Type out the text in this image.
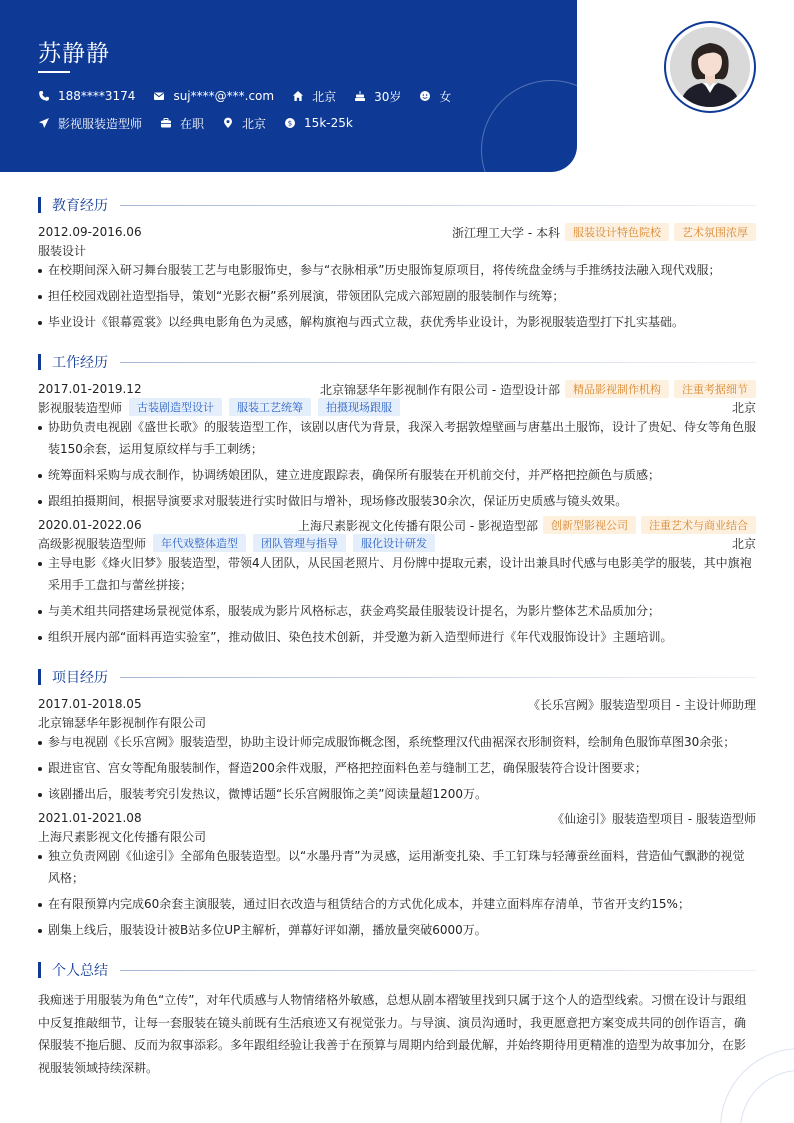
苏静静
188****3174	suj****@***.com	北京	30岁	女
影视服装造型师	在职	北京	$ 15k-25k
教育经历
2012.09-2016.06	浙江理工大学 - 本科	服装设计特色院校	艺术氛围浓厚
服装设计
在校期间深入研习舞台服装工艺与电影服饰史，参与“衣脉相承”历史服饰复原项目，将传统盘金绣与手推绣技法融入现代戏服；
担任校园戏剧社造型指导，策划“光影衣橱”系列展演，带领团队完成六部短剧的服装制作与统筹；
毕业设计《银幕霓裳》以经典电影角色为灵感，解构旗袍与西式立裁，获优秀毕业设计，为影视服装造型打下扎实基础。
工作经历
2017.01-2019.12	北京锦瑟华年影视制作有限公司 - 造型设计部	精品影视制作机构	注重考据细节
影视服装造型师	古装剧造型设计	服装工艺统筹	拍摄现场跟服	北京
协助负责电视剧《盛世长歌》的服装造型工作，该剧以唐代为背景，我深入考据敦煌壁画与唐墓出土服饰，设计了贵妃、侍女等角色服装150余套，运用复原纹样与手工刺绣；
统筹面料采购与成衣制作，协调绣娘团队，建立进度跟踪表，确保所有服装在开机前交付，并严格把控颜色与质感；
跟组拍摄期间，根据导演要求对服装进行实时做旧与增补，现场修改服装30余次，保证历史质感与镜头效果。
2020.01-2022.06	上海尺素影视文化传播有限公司 - 影视造型部	创新型影视公司	注重艺术与商业结合
高级影视服装造型师	年代戏整体造型	团队管理与指导	服化设计研发	北京
主导电影《烽火旧梦》服装造型，带领4人团队，从民国老照片、月份牌中提取元素，设计出兼具时代感与电影美学的服装，其中旗袍采用手工盘扣与蕾丝拼接；
与美术组共同搭建场景视觉体系，服装成为影片风格标志，获金鸡奖最佳服装设计提名，为影片整体艺术品质加分；
组织开展内部“面料再造实验室”，推动做旧、染色技术创新，并受邀为新入造型师进行《年代戏服饰设计》主题培训。
项目经历
2017.01-2018.05	《长乐宫阙》服装造型项目 - 主设计师助理
北京锦瑟华年影视制作有限公司
参与电视剧《长乐宫阙》服装造型，协助主设计师完成服饰概念图，系统整理汉代曲裾深衣形制资料，绘制角色服饰草图30余张；
跟进宦官、宫女等配角服装制作，督造200余件戏服，严格把控面料色差与缝制工艺，确保服装符合设计图要求；
该剧播出后，服装考究引发热议，微博话题“长乐宫阙服饰之美”阅读量超1200万。
2021.01-2021.08	《仙途引》服装造型项目 - 服装造型师
上海尺素影视文化传播有限公司
独立负责网剧《仙途引》全部角色服装造型。以“水墨丹青”为灵感，运用渐变扎染、手工钉珠与轻薄蚕丝面料，营造仙气飘渺的视觉风格；
在有限预算内完成60余套主演服装，通过旧衣改造与租赁结合的方式优化成本，并建立面料库存清单，节省开支约15%；
剧集上线后，服装设计被B站多位UP主解析，弹幕好评如潮，播放量突破6000万。
个人总结
我痴迷于用服装为角色“立传”，对年代质感与人物情绪格外敏感，总想从剧本褶皱里找到只属于这个人的造型线索。习惯在设计与跟组中反复推敲细节，让每一套服装在镜头前既有生活痕迹又有视觉张力。与导演、演员沟通时，我更愿意把方案变成共同的创作语言，确保服装不拖后腿、反而为叙事添彩。多年跟组经验让我善于在预算与周期内给到最优解，并始终期待用更精准的造型为故事加分，在影视服装领域持续深耕。
